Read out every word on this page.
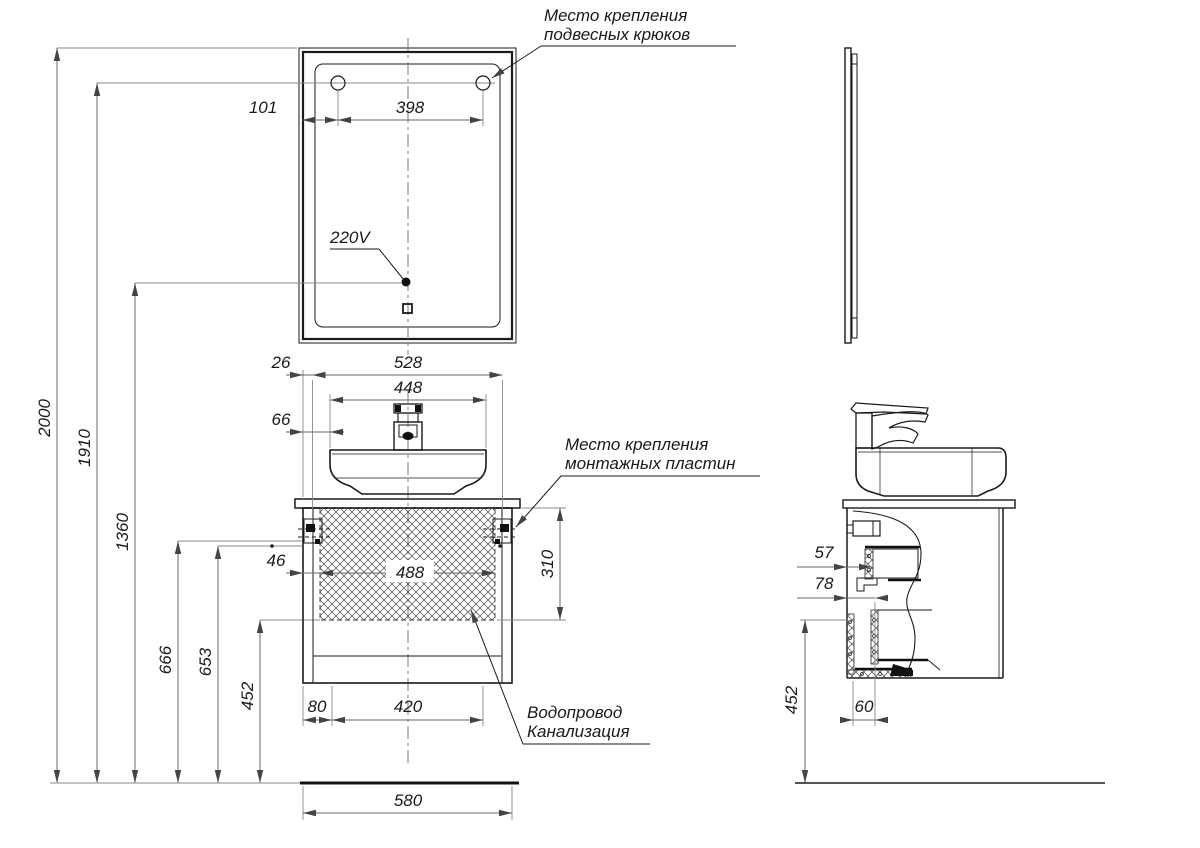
Место крепления
подвесных крюков
101	398
220V
2000
1910
1360
666 653
452
26	528
448
66
46
488	310
Место крепления
монтажных пластин
Водопровод
Канализация
80	420
580
57
78
60
452
